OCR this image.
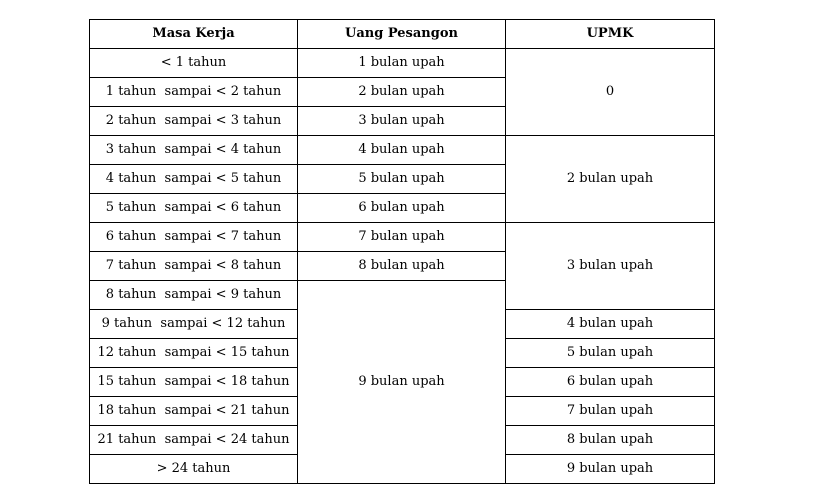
Masa Kerja	Uang Pesangon	UPMK
< 1 tahun	1 bulan upah	0
1 tahun  sampai < 2 tahun	2 bulan upah	
2 tahun  sampai < 3 tahun	3 bulan upah	
3 tahun  sampai < 4 tahun	4 bulan upah	2 bulan upah
4 tahun  sampai < 5 tahun	5 bulan upah	
5 tahun  sampai < 6 tahun	6 bulan upah	
6 tahun  sampai < 7 tahun	7 bulan upah	3 bulan upah
7 tahun  sampai < 8 tahun	8 bulan upah	
8 tahun  sampai < 9 tahun	9 bulan upah	
9 tahun  sampai < 12 tahun		4 bulan upah
12 tahun  sampai < 15 tahun		5 bulan upah
15 tahun  sampai < 18 tahun		6 bulan upah
18 tahun  sampai < 21 tahun		7 bulan upah
21 tahun  sampai < 24 tahun		8 bulan upah
> 24 tahun		9 bulan upah
